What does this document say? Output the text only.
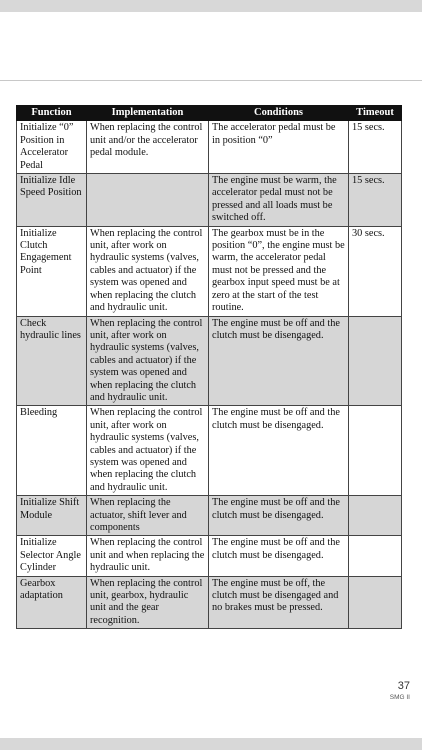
Function	Implementation	Conditions	Timeout
Initialize “0” Position in Accelerator Pedal	When replacing the control unit and/or the accelerator pedal module.	The accelerator pedal must be in position “0”	15 secs.
Initialize Idle Speed Position		The engine must be warm, the accelerator pedal must not be pressed and all loads must be switched off.	15 secs.
Initialize Clutch Engagement Point	When replacing the control unit, after work on hydraulic systems (valves, cables and actuator) if the system was opened and when replacing the clutch and hydraulic unit.	The gearbox must be in the position “0”, the engine must be warm, the accelerator pedal must not be pressed and the gearbox input speed must be at zero at the start of the test routine.	30 secs.
Check hydraulic lines	When replacing the control unit, after work on hydraulic systems (valves, cables and actuator) if the system was opened and when replacing the clutch and hydraulic unit.	The engine must be off and the clutch must be disengaged.	
Bleeding	When replacing the control unit, after work on hydraulic systems (valves, cables and actuator) if the system was opened and when replacing the clutch and hydraulic unit.	The engine must be off and the clutch must be disengaged.	
Initialize Shift Module	When replacing the actuator, shift lever and components	The engine must be off and the clutch must be disengaged.	
Initialize Selector Angle Cylinder	When replacing the control unit and when replacing the hydraulic unit.	The engine must be off and the clutch must be disengaged.	
Gearbox adaptation	When replacing the control unit, gearbox, hydraulic unit and the gear recognition.	The engine must be off, the clutch must be disengaged and no brakes must be pressed.	
37
SMG II
